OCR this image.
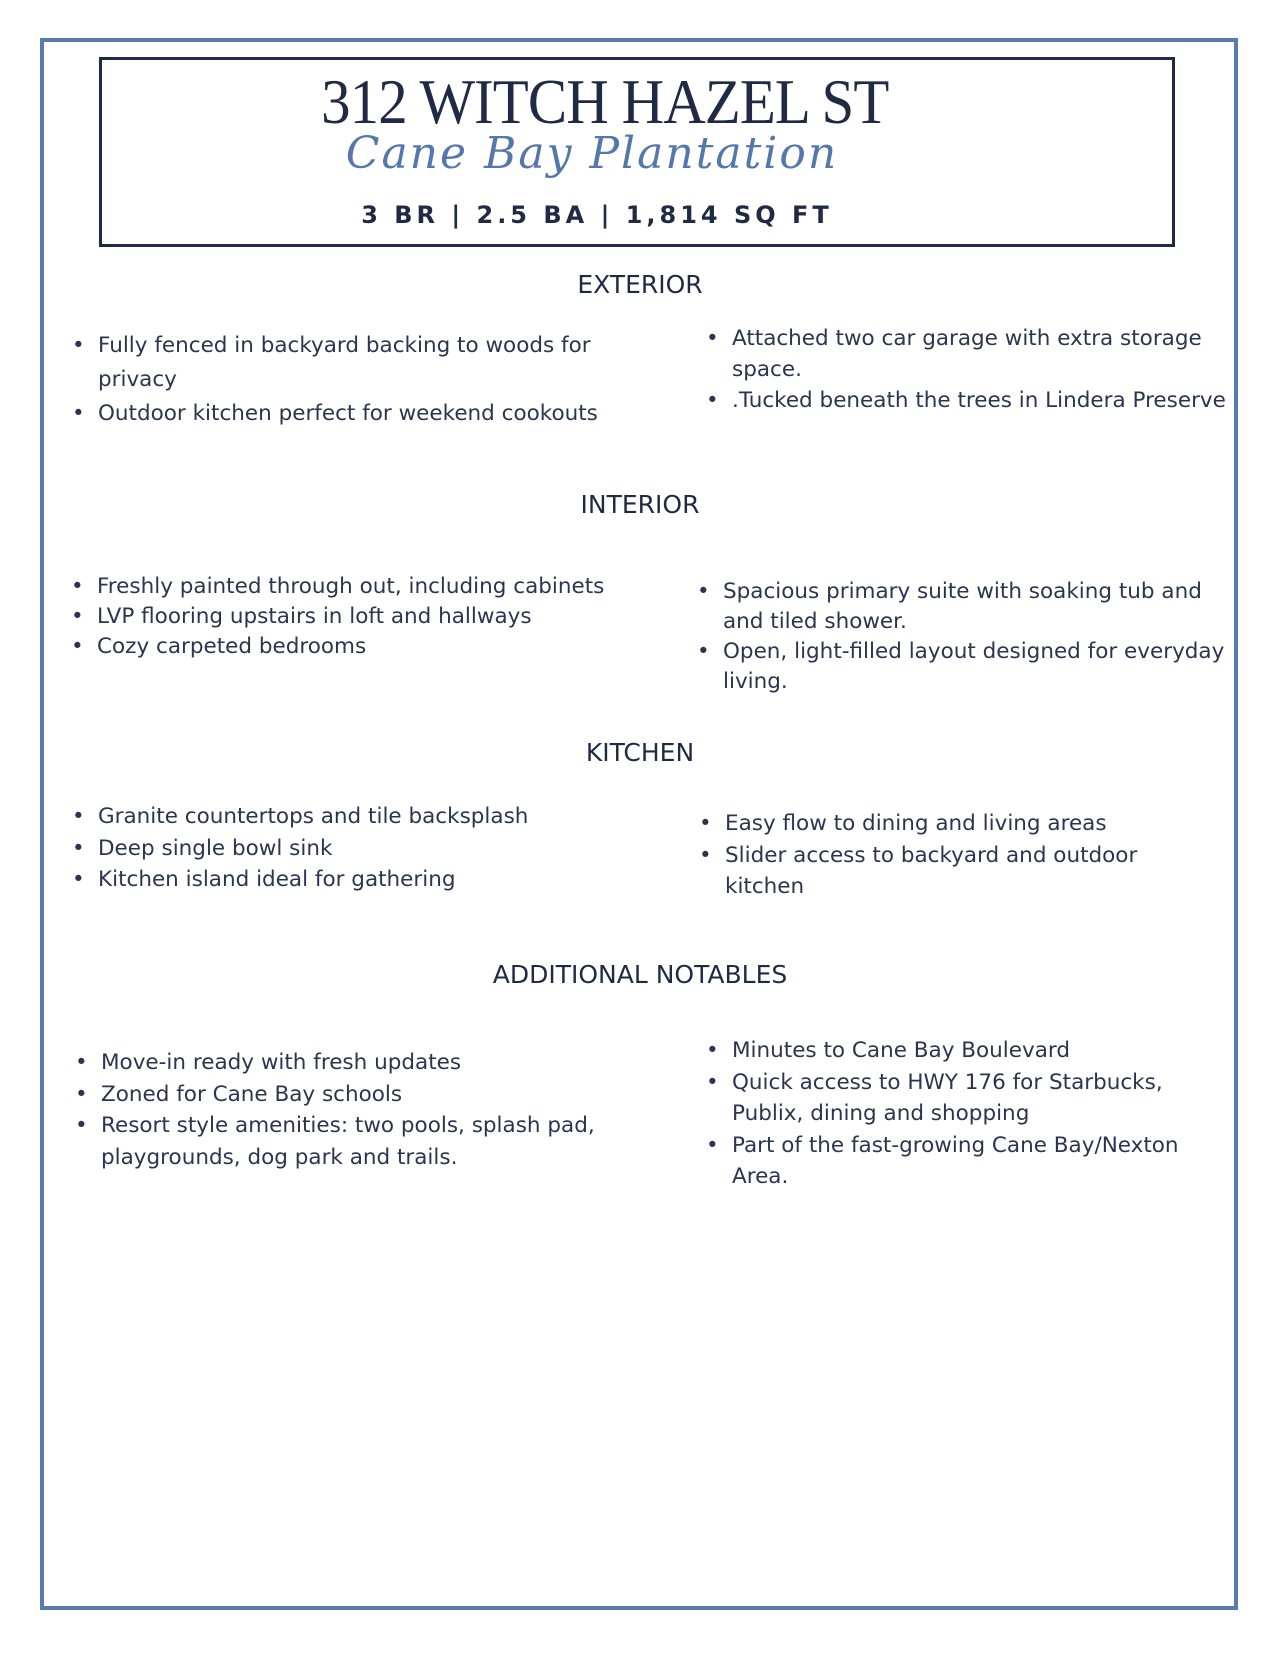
312 WITCH HAZEL ST
Cane Bay Plantation
3 BR | 2.5 BA | 1,814 SQ FT
EXTERIOR
• Fully fenced in backyard backing to woods for privacy
• Outdoor kitchen perfect for weekend cookouts
• Attached two car garage with extra storage space.
• .Tucked beneath the trees in Lindera Preserve
INTERIOR
• Freshly painted through out, including cabinets
• LVP flooring upstairs in loft and hallways
• Cozy carpeted bedrooms
• Spacious primary suite with soaking tub and and tiled shower.
• Open, light-filled layout designed for everyday living.
KITCHEN
• Granite countertops and tile backsplash
• Deep single bowl sink
• Kitchen island ideal for gathering
• Easy flow to dining and living areas
• Slider access to backyard and outdoor kitchen
ADDITIONAL NOTABLES
• Move-in ready with fresh updates
• Zoned for Cane Bay schools
• Resort style amenities: two pools, splash pad, playgrounds, dog park and trails.
• Minutes to Cane Bay Boulevard
• Quick access to HWY 176 for Starbucks, Publix, dining and shopping
• Part of the fast-growing Cane Bay/Nexton Area.
